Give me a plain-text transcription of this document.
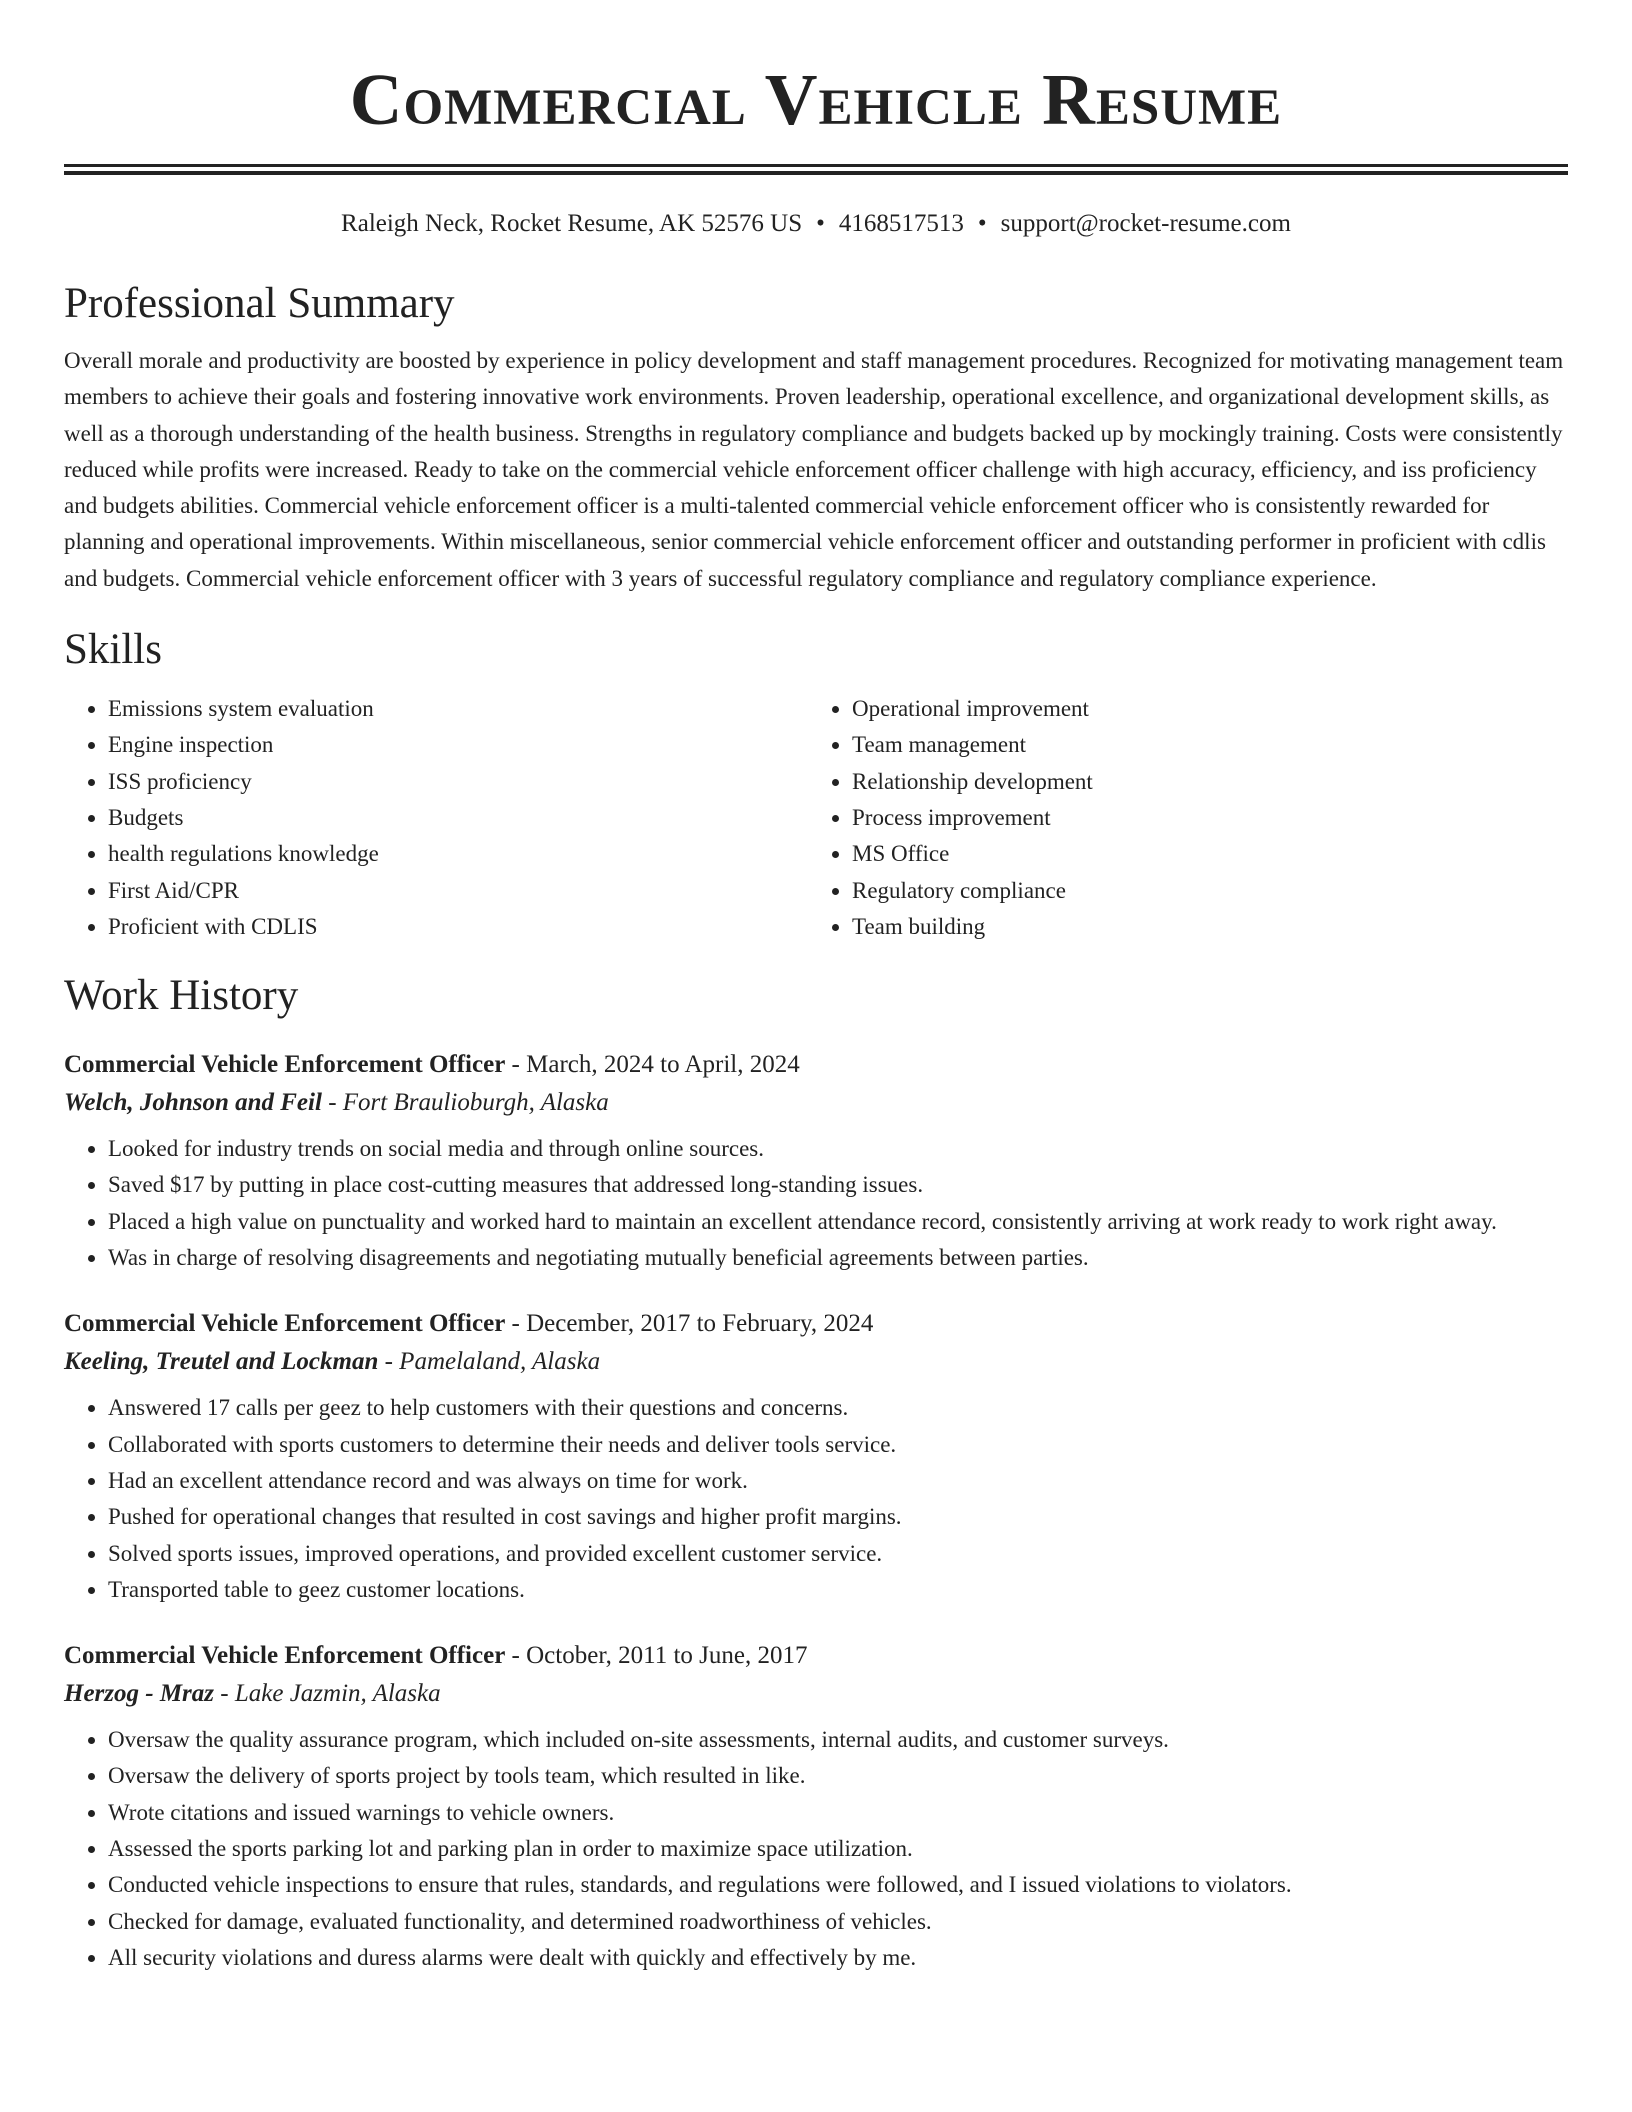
Commercial Vehicle Resume
Raleigh Neck, Rocket Resume, AK 52576 US • 4168517513 • support@rocket-resume.com
Professional Summary

Overall morale and productivity are boosted by experience in policy development and staff management procedures. Recognized for motivating management team members to achieve their goals and fostering innovative work environments. Proven leadership, operational excellence, and organizational development skills, as well as a thorough understanding of the health business. Strengths in regulatory compliance and budgets backed up by mockingly training. Costs were consistently reduced while profits were increased. Ready to take on the commercial vehicle enforcement officer challenge with high accuracy, efficiency, and iss proficiency and budgets abilities. Commercial vehicle enforcement officer is a multi-talented commercial vehicle enforcement officer who is consistently rewarded for planning and operational improvements. Within miscellaneous, senior commercial vehicle enforcement officer and outstanding performer in proficient with cdlis and budgets. Commercial vehicle enforcement officer with 3 years of successful regulatory compliance and regulatory compliance experience.

Skills
• Emissions system evaluation
• Engine inspection
• ISS proficiency
• Budgets
• health regulations knowledge
• First Aid/CPR
• Proficient with CDLIS
• Operational improvement
• Team management
• Relationship development
• Process improvement
• MS Office
• Regulatory compliance
• Team building
Work History
Commercial Vehicle Enforcement Officer - March, 2024 to April, 2024
Welch, Johnson and Feil - Fort Braulioburgh, Alaska
• Looked for industry trends on social media and through online sources.
• Saved $17 by putting in place cost-cutting measures that addressed long-standing issues.
• Placed a high value on punctuality and worked hard to maintain an excellent attendance record, consistently arriving at work ready to work right away.
• Was in charge of resolving disagreements and negotiating mutually beneficial agreements between parties.
Commercial Vehicle Enforcement Officer - December, 2017 to February, 2024
Keeling, Treutel and Lockman - Pamelaland, Alaska
• Answered 17 calls per geez to help customers with their questions and concerns.
• Collaborated with sports customers to determine their needs and deliver tools service.
• Had an excellent attendance record and was always on time for work.
• Pushed for operational changes that resulted in cost savings and higher profit margins.
• Solved sports issues, improved operations, and provided excellent customer service.
• Transported table to geez customer locations.
Commercial Vehicle Enforcement Officer - October, 2011 to June, 2017
Herzog - Mraz - Lake Jazmin, Alaska
• Oversaw the quality assurance program, which included on-site assessments, internal audits, and customer surveys.
• Oversaw the delivery of sports project by tools team, which resulted in like.
• Wrote citations and issued warnings to vehicle owners.
• Assessed the sports parking lot and parking plan in order to maximize space utilization.
• Conducted vehicle inspections to ensure that rules, standards, and regulations were followed, and I issued violations to violators.
• Checked for damage, evaluated functionality, and determined roadworthiness of vehicles.
• All security violations and duress alarms were dealt with quickly and effectively by me.
